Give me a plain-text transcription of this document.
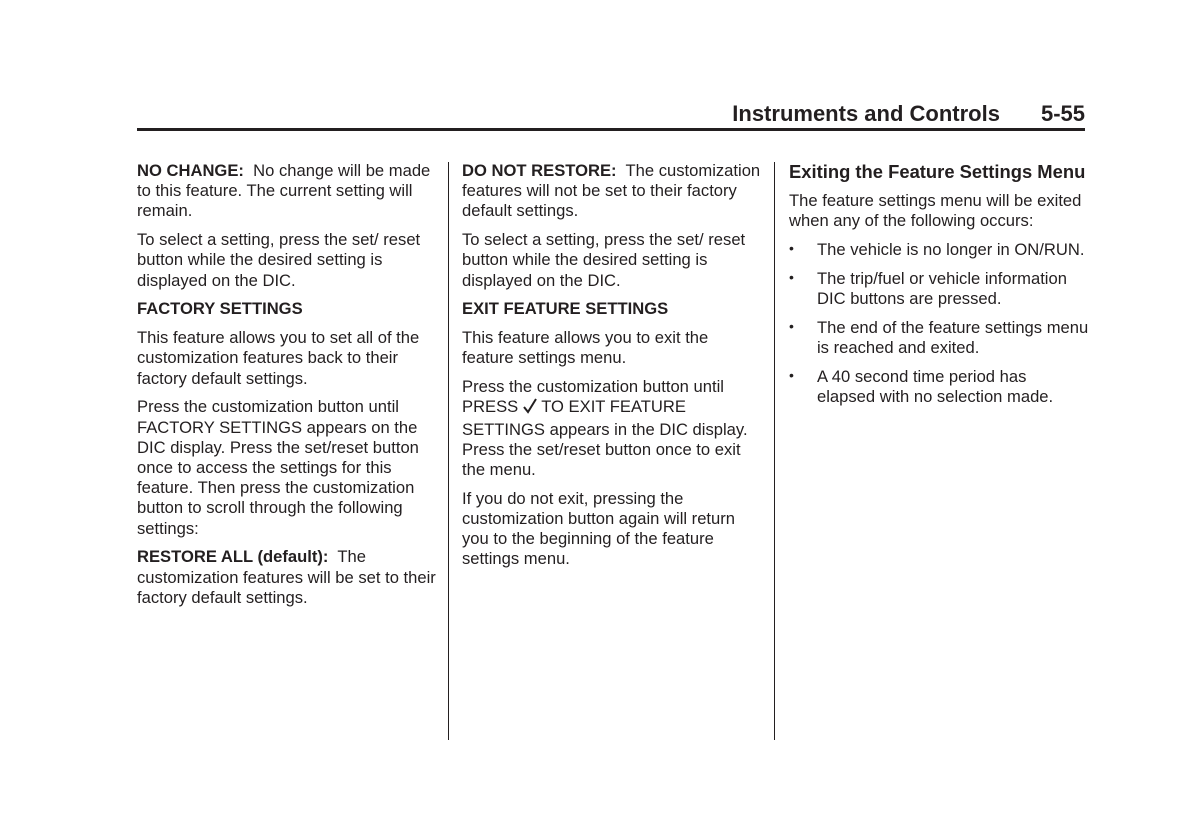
Instruments and Controls 5-55

NO CHANGE: No change will be made to this feature. The current setting will remain.

To select a setting, press the set/ reset button while the desired setting is displayed on the DIC.

FACTORY SETTINGS

This feature allows you to set all of the customization features back to their factory default settings.

Press the customization button until FACTORY SETTINGS appears on the DIC display. Press the set/reset button once to access the settings for this feature. Then press the customization button to scroll through the following settings:

RESTORE ALL (default): The customization features will be set to their factory default settings.

DO NOT RESTORE: The customization features will not be set to their factory default settings.

To select a setting, press the set/ reset button while the desired setting is displayed on the DIC.

EXIT FEATURE SETTINGS

This feature allows you to exit the feature settings menu.

Press the customization button until PRESS TO EXIT FEATURE SETTINGS appears in the DIC display. Press the set/reset button once to exit the menu.

If you do not exit, pressing the customization button again will return you to the beginning of the feature settings menu.

Exiting the Feature Settings Menu

The feature settings menu will be exited when any of the following occurs:

• The vehicle is no longer in ON/RUN.
• The trip/fuel or vehicle information DIC buttons are pressed.
• The end of the feature settings menu is reached and exited.
• A 40 second time period has elapsed with no selection made.
